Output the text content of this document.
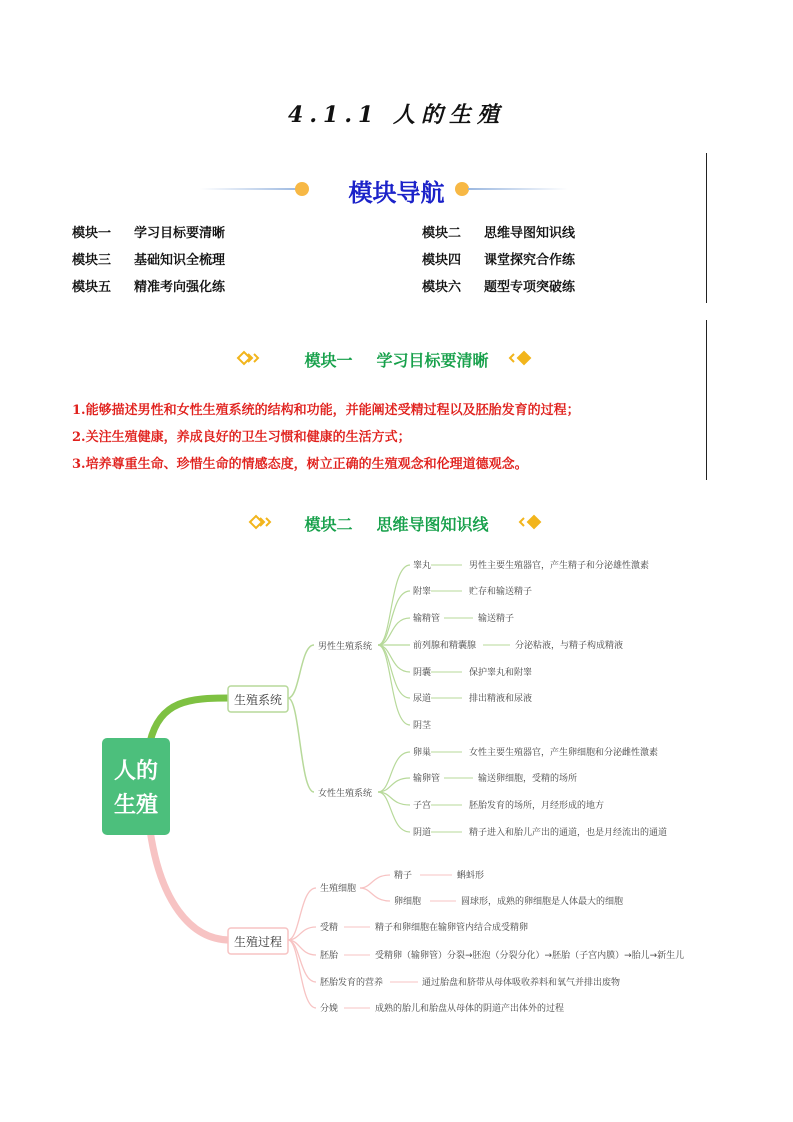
4.1.1 人的生殖
模块导航
模块一 学习目标要清晰	模块二 思维导图知识线
模块三 基础知识全梳理	模块四 课堂探究合作练
模块五 精准考向强化练	模块六 题型专项突破练
模块一 学习目标要清晰
1.能够描述男性和女性生殖系统的结构和功能，并能阐述受精过程以及胚胎发育的过程；
2.关注生殖健康，养成良好的卫生习惯和健康的生活方式；
3.培养尊重生命、珍惜生命的情感态度，树立正确的生殖观念和伦理道德观念。
模块二 思维导图知识线
人的
生殖
生殖系统
生殖过程
男性生殖系统
女性生殖系统
睾丸	男性主要生殖器官，产生精子和分泌雄性激素
附睾	贮存和输送精子
输精管	输送精子
前列腺和精囊腺	分泌粘液，与精子构成精液
阴囊	保护睾丸和附睾
尿道	排出精液和尿液
阴茎
卵巢	女性主要生殖器官，产生卵细胞和分泌雌性激素
输卵管	输送卵细胞，受精的场所
子宫	胚胎发育的场所，月经形成的地方
阴道	精子进入和胎儿产出的通道，也是月经流出的通道
生殖细胞
精子	蝌蚪形
卵细胞	圆球形，成熟的卵细胞是人体最大的细胞
受精	精子和卵细胞在输卵管内结合成受精卵
胚胎	受精卵（输卵管）分裂→胚泡（分裂分化）→胚胎（子宫内膜）→胎儿→新生儿
胚胎发育的营养	通过胎盘和脐带从母体吸收养料和氧气并排出废物
分娩	成熟的胎儿和胎盘从母体的阴道产出体外的过程
